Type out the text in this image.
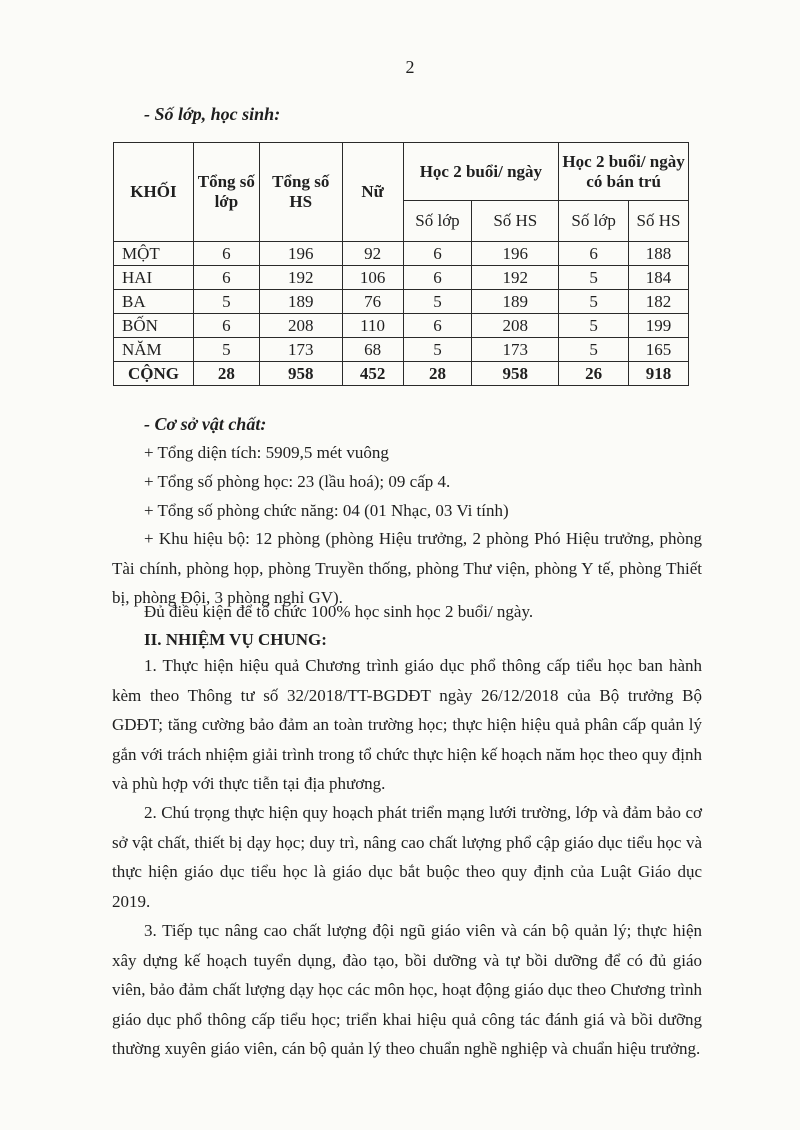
2
- Số lớp, học sinh:
KHỐI	Tổng số lớp	Tổng số HS	Nữ	Học 2 buổi/ ngày		Học 2 buổi/ ngày có bán trú	
				Số lớp	Số HS	Số lớp	Số HS
MỘT	6	196	92	6	196	6	188
HAI	6	192	106	6	192	5	184
BA	5	189	76	5	189	5	182
BỐN	6	208	110	6	208	5	199
NĂM	5	173	68	5	173	5	165
CỘNG	28	958	452	28	958	26	918
- Cơ sở vật chất:
+ Tổng diện tích: 5909,5 mét vuông
+ Tổng số phòng học: 23 (lầu hoá); 09 cấp 4.
+ Tổng số phòng chức năng: 04 (01 Nhạc, 03 Vi tính)
+ Khu hiệu bộ: 12 phòng (phòng Hiệu trưởng, 2 phòng Phó Hiệu trưởng, phòng Tài chính, phòng họp, phòng Truyền thống, phòng Thư viện, phòng Y tế, phòng Thiết bị, phòng Đội, 3 phòng nghỉ GV).
Đủ điều kiện để tổ chức 100% học sinh học 2 buổi/ ngày.
II. NHIỆM VỤ CHUNG:
1. Thực hiện hiệu quả Chương trình giáo dục phổ thông cấp tiểu học ban hành kèm theo Thông tư số 32/2018/TT-BGDĐT ngày 26/12/2018 của Bộ trưởng Bộ GDĐT; tăng cường bảo đảm an toàn trường học; thực hiện hiệu quả phân cấp quản lý gắn với trách nhiệm giải trình trong tổ chức thực hiện kế hoạch năm học theo quy định và phù hợp với thực tiễn tại địa phương.
2. Chú trọng thực hiện quy hoạch phát triển mạng lưới trường, lớp và đảm bảo cơ sở vật chất, thiết bị dạy học; duy trì, nâng cao chất lượng phổ cập giáo dục tiểu học và thực hiện giáo dục tiểu học là giáo dục bắt buộc theo quy định của Luật Giáo dục 2019.
3. Tiếp tục nâng cao chất lượng đội ngũ giáo viên và cán bộ quản lý; thực hiện xây dựng kế hoạch tuyển dụng, đào tạo, bồi dưỡng và tự bồi dưỡng để có đủ giáo viên, bảo đảm chất lượng dạy học các môn học, hoạt động giáo dục theo Chương trình giáo dục phổ thông cấp tiểu học; triển khai hiệu quả công tác đánh giá và bồi dưỡng thường xuyên giáo viên, cán bộ quản lý theo chuẩn nghề nghiệp và chuẩn hiệu trưởng.
